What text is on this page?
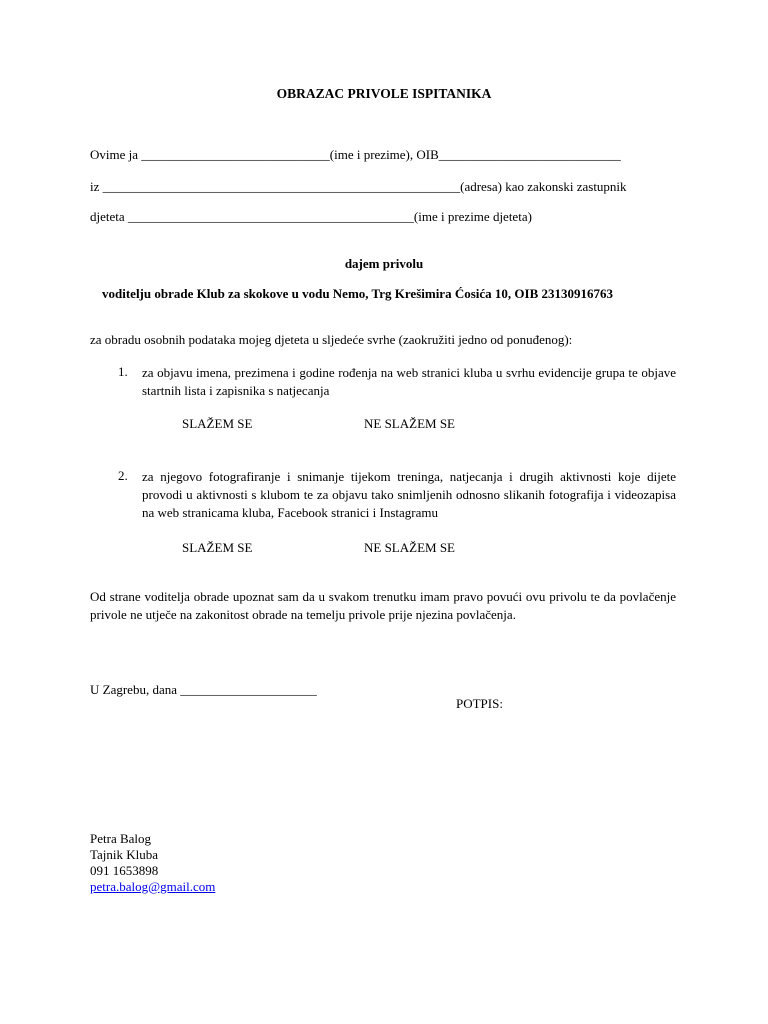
OBRAZAC PRIVOLE ISPITANIKA
Ovime ja _____________________________(ime i prezime), OIB____________________________
iz _______________________________________________________(adresa) kao zakonski zastupnik
djeteta ____________________________________________(ime i prezime djeteta)
dajem privolu
voditelju obrade Klub za skokove u vodu Nemo, Trg Krešimira Ćosića 10, OIB 23130916763
za obradu osobnih podataka mojeg djeteta u sljedeće svrhe (zaokružiti jedno od ponuđenog):
1. za objavu imena, prezimena i godine rođenja na web stranici kluba u svrhu evidencije grupa te objave startnih lista i zapisnika s natjecanja
SLAŽEM SE	NE SLAŽEM SE
2. za njegovo fotografiranje i snimanje tijekom treninga, natjecanja i drugih aktivnosti koje dijete provodi u aktivnosti s klubom te za objavu tako snimljenih odnosno slikanih fotografija i videozapisa na web stranicama kluba, Facebook stranici i Instagramu
SLAŽEM SE	NE SLAŽEM SE
Od strane voditelja obrade upoznat sam da u svakom trenutku imam pravo povući ovu privolu te da povlačenje privole ne utječe na zakonitost obrade na temelju privole prije njezina povlačenja.
U Zagrebu, dana _____________________
POTPIS:
Petra Balog
Tajnik Kluba
091 1653898
petra.balog@gmail.com
